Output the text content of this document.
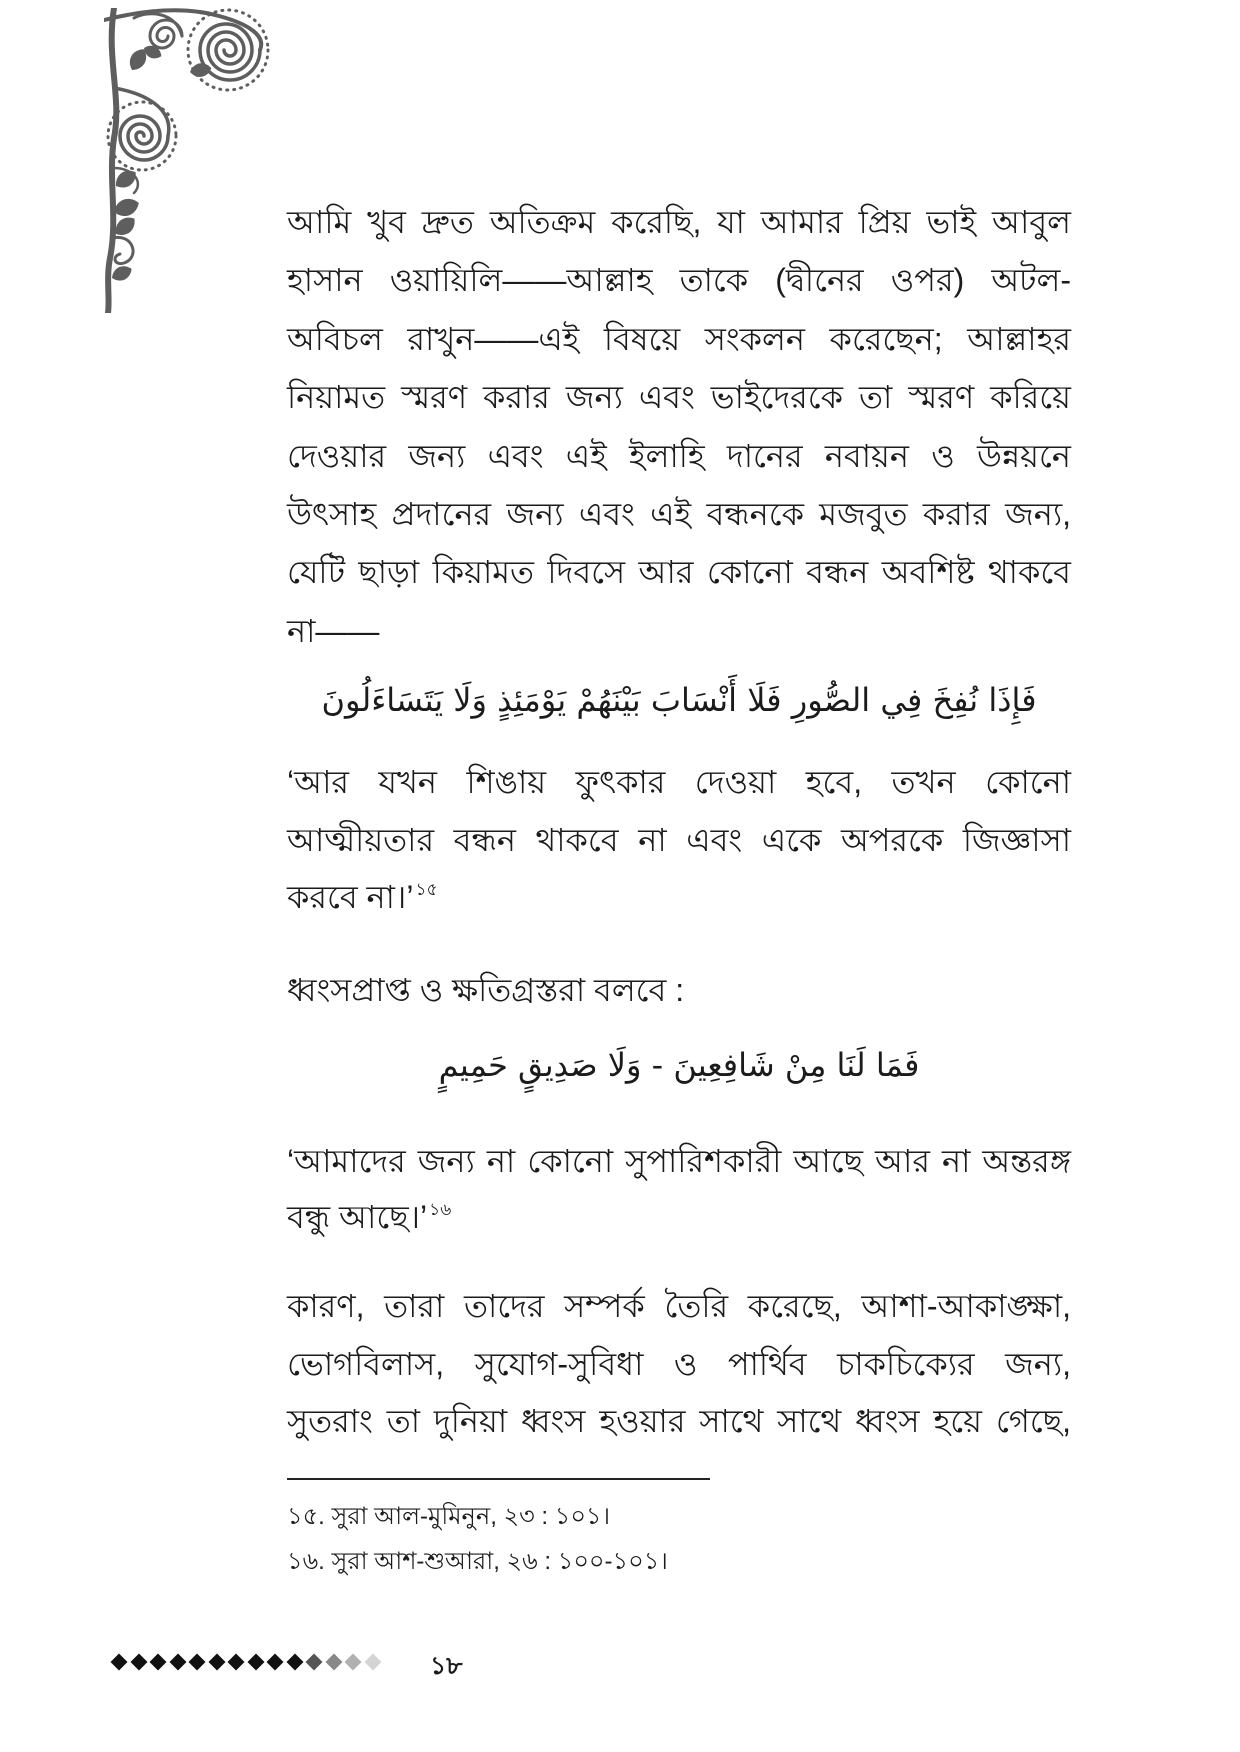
আমি খুব দ্রুত অতিক্রম করেছি, যা আমার প্রিয় ভাই আবুল
হাসান ওয়ায়িলি——আল্লাহ তাকে (দ্বীনের ওপর) অটল-
অবিচল রাখুন——এই বিষয়ে সংকলন করেছেন; আল্লাহর
নিয়ামত স্মরণ করার জন্য এবং ভাইদেরকে তা স্মরণ করিয়ে
দেওয়ার জন্য এবং এই ইলাহি দানের নবায়ন ও উন্নয়নে
উৎসাহ প্রদানের জন্য এবং এই বন্ধনকে মজবুত করার জন্য,
যেটি ছাড়া কিয়ামত দিবসে আর কোনো বন্ধন অবশিষ্ট থাকবে
না——
فَإِذَا نُفِخَ فِي الصُّورِ فَلَا أَنْسَابَ بَيْنَهُمْ يَوْمَئِذٍ وَلَا يَتَسَاءَلُونَ
‘আর যখন শিঙায় ফুৎকার দেওয়া হবে, তখন কোনো
আত্মীয়তার বন্ধন থাকবে না এবং একে অপরকে জিজ্ঞাসা
করবে না।’ $^{১৫}$
ধ্বংসপ্রাপ্ত ও ক্ষতিগ্রস্তরা বলবে :
فَمَا لَنَا مِنْ شَافِعِينَ - وَلَا صَدِيقٍ حَمِيمٍ
‘আমাদের জন্য না কোনো সুপারিশকারী আছে আর না অন্তরঙ্গ
বন্ধু আছে।’ $^{১৬}$
কারণ, তারা তাদের সম্পর্ক তৈরি করেছে, আশা-আকাঙ্ক্ষা,
ভোগবিলাস, সুযোগ-সুবিধা ও পার্থিব চাকচিক্যের জন্য,
সুতরাং তা দুনিয়া ধ্বংস হওয়ার সাথে সাথে ধ্বংস হয়ে গেছে,
১৫. সুরা আল-মুমিনুন, ২৩ : ১০১।
১৬. সুরা আশ-শুআরা, ২৬ : ১০০-১০১।
১৮
